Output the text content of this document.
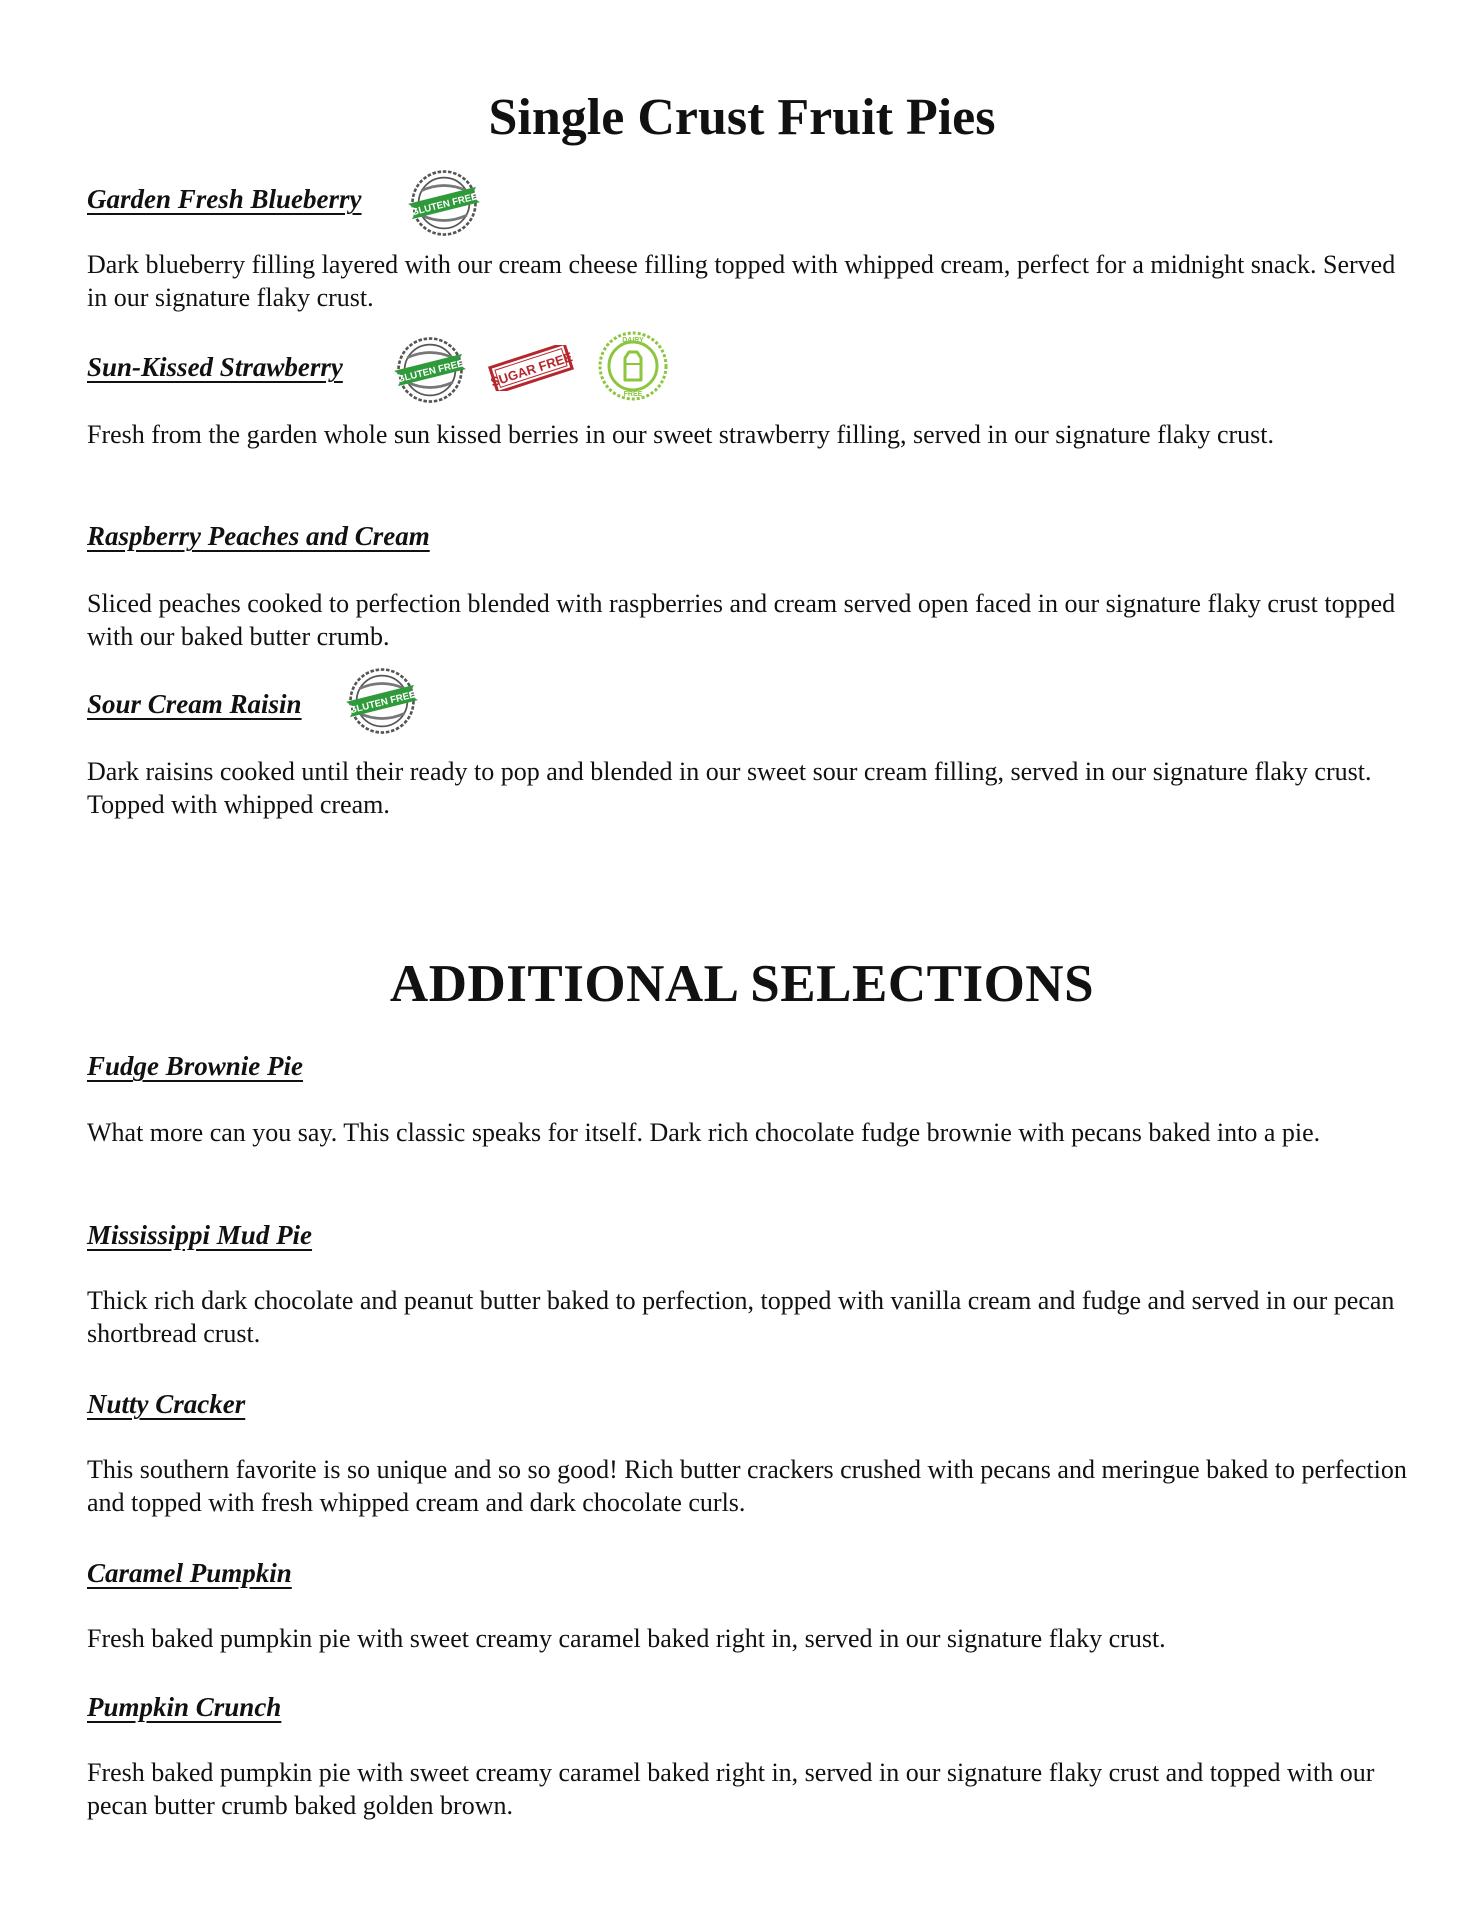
Single Crust Fruit Pies
Garden Fresh Blueberry

Dark blueberry filling layered with our cream cheese filling topped with whipped cream, perfect for a midnight snack. Served in our signature flaky crust.

Sun-Kissed Strawberry	SUGAR FREE
DAIRY
FREE

Fresh from the garden whole sun kissed berries in our sweet strawberry filling, served in our signature flaky crust.

Raspberry Peaches and Cream

Sliced peaches cooked to perfection blended with raspberries and cream served open faced in our signature flaky crust topped with our baked butter crumb.

Sour Cream Raisin

Dark raisins cooked until their ready to pop and blended in our sweet sour cream filling, served in our signature flaky crust. Topped with whipped cream.

ADDITIONAL SELECTIONS
Fudge Brownie Pie

What more can you say. This classic speaks for itself. Dark rich chocolate fudge brownie with pecans baked into a pie.

Mississippi Mud Pie

Thick rich dark chocolate and peanut butter baked to perfection, topped with vanilla cream and fudge and served in our pecan shortbread crust.

Nutty Cracker

This southern favorite is so unique and so so good! Rich butter crackers crushed with pecans and meringue baked to perfection and topped with fresh whipped cream and dark chocolate curls.

Caramel Pumpkin

Fresh baked pumpkin pie with sweet creamy caramel baked right in, served in our signature flaky crust.

Pumpkin Crunch

Fresh baked pumpkin pie with sweet creamy caramel baked right in, served in our signature flaky crust and topped with our pecan butter crumb baked golden brown.
